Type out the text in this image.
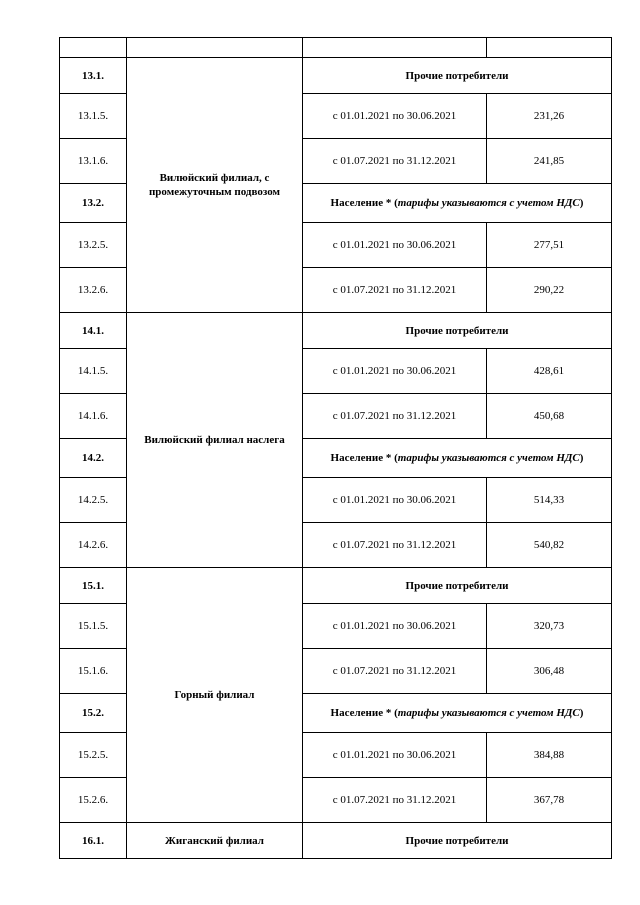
13.1.	Вилюйский филиал, с промежуточным подвозом	Прочие потребители	
13.1.5.		с 01.01.2021 по 30.06.2021	231,26
13.1.6.		с 01.07.2021 по 31.12.2021	241,85
13.2.		Население * (тарифы указываются с учетом НДС)	
13.2.5.		с 01.01.2021 по 30.06.2021	277,51
13.2.6.		с 01.07.2021 по 31.12.2021	290,22
14.1.	Вилюйский филиал наслега	Прочие потребители	
14.1.5.		с 01.01.2021 по 30.06.2021	428,61
14.1.6.		с 01.07.2021 по 31.12.2021	450,68
14.2.		Население * (тарифы указываются с учетом НДС)	
14.2.5.		с 01.01.2021 по 30.06.2021	514,33
14.2.6.		с 01.07.2021 по 31.12.2021	540,82
15.1.	Горный филиал	Прочие потребители	
15.1.5.		с 01.01.2021 по 30.06.2021	320,73
15.1.6.		с 01.07.2021 по 31.12.2021	306,48
15.2.		Население * (тарифы указываются с учетом НДС)	
15.2.5.		с 01.01.2021 по 30.06.2021	384,88
15.2.6.		с 01.07.2021 по 31.12.2021	367,78
16.1.	Жиганский филиал	Прочие потребители	
